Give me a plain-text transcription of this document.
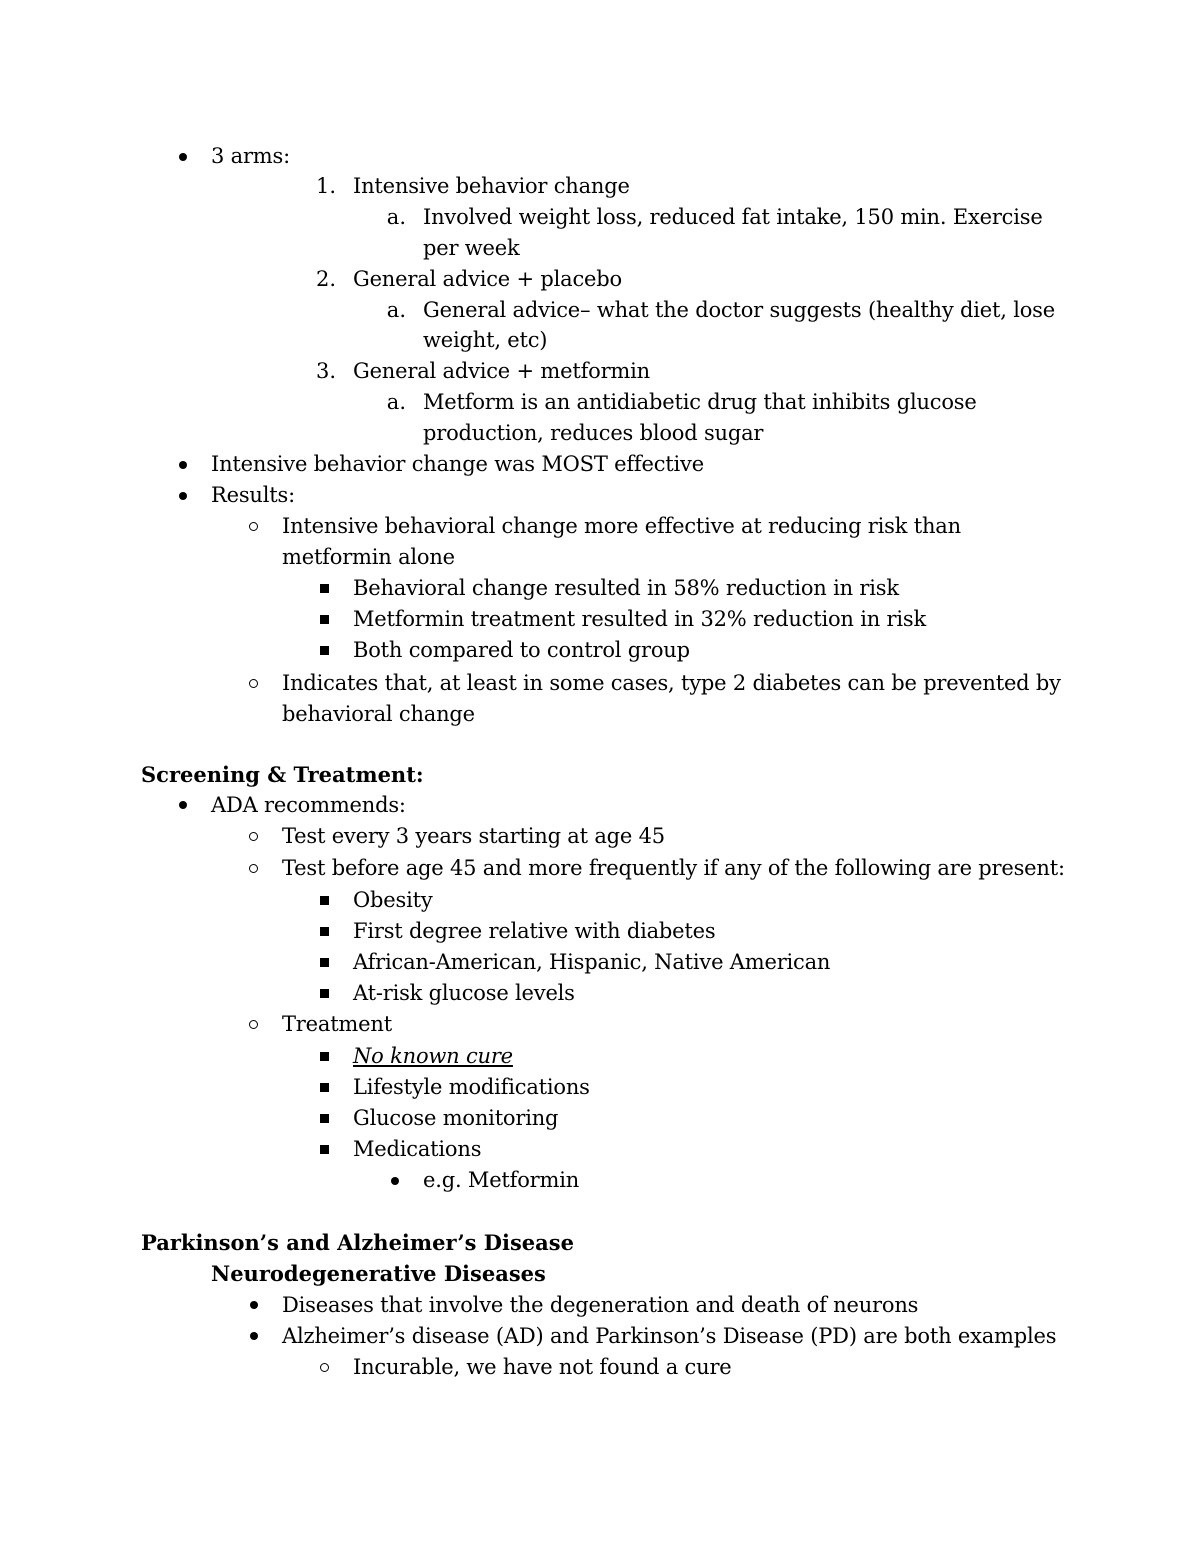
3 arms:
1. Intensive behavior change
a. Involved weight loss, reduced fat intake, 150 min. Exercise
per week
2. General advice + placebo
a. General advice– what the doctor suggests (healthy diet, lose
weight, etc)
3. General advice + metformin
a. Metform is an antidiabetic drug that inhibits glucose
production, reduces blood sugar
Intensive behavior change was MOST effective
Results:
Intensive behavioral change more effective at reducing risk than
metformin alone
Behavioral change resulted in 58% reduction in risk
Metformin treatment resulted in 32% reduction in risk
Both compared to control group
Indicates that, at least in some cases, type 2 diabetes can be prevented by
behavioral change
Screening & Treatment:
ADA recommends:
Test every 3 years starting at age 45
Test before age 45 and more frequently if any of the following are present:
Obesity
First degree relative with diabetes
African-American, Hispanic, Native American
At-risk glucose levels
Treatment
No known cure
Lifestyle modifications
Glucose monitoring
Medications
e.g. Metformin
Parkinson’s and Alzheimer’s Disease
Neurodegenerative Diseases
Diseases that involve the degeneration and death of neurons
Alzheimer’s disease (AD) and Parkinson’s Disease (PD) are both examples
Incurable, we have not found a cure
